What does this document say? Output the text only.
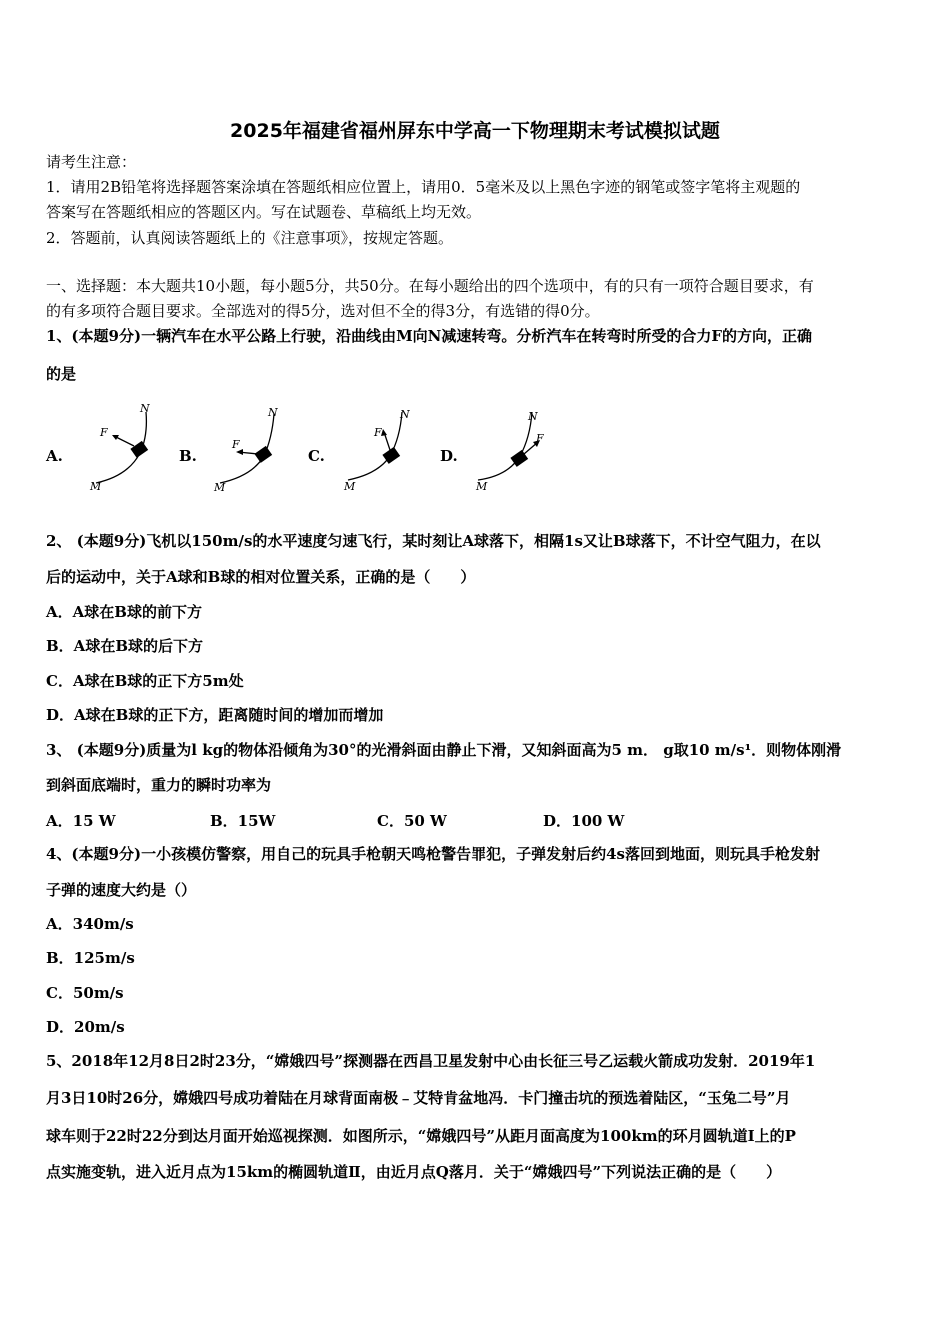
2025年福建省福州屏东中学高一下物理期末考试模拟试题
请考生注意：
1．请用2B铅笔将选择题答案涂填在答题纸相应位置上，请用0．5毫米及以上黑色字迹的钢笔或签字笔将主观题的
答案写在答题纸相应的答题区内。写在试题卷、草稿纸上均无效。
2．答题前，认真阅读答题纸上的《注意事项》，按规定答题。
一、选择题：本大题共10小题，每小题5分，共50分。在每小题给出的四个选项中，有的只有一项符合题目要求，有
的有多项符合题目要求。全部选对的得5分，选对但不全的得3分，有选错的得0分。
1、(本题9分)一辆汽车在水平公路上行驶，沿曲线由M向N减速转弯。分析汽车在转弯时所受的合力F的方向，正确
的是
A.
N
F
M
B.
N
F
M
C.
N
F
M
D.
N
F
M
2、 (本题9分)飞机以150m/s的水平速度匀速飞行，某时刻让A球落下，相隔1s又让B球落下，不计空气阻力，在以
后的运动中，关于A球和B球的相对位置关系，正确的是（　　）
A．A球在B球的前下方
B．A球在B球的后下方
C．A球在B球的正下方5m处
D．A球在B球的正下方，距离随时间的增加而增加
3、 (本题9分)质量为l kg的物体沿倾角为30°的光滑斜面由静止下滑，又知斜面高为5 m． g取10 m/s¹．则物体刚滑
到斜面底端时，重力的瞬时功率为
A．15 W	B．15W	C．50 W	D．100 W
4、(本题9分)一小孩模仿警察，用自己的玩具手枪朝天鸣枪警告罪犯，子弹发射后约4s落回到地面，则玩具手枪发射
子弹的速度大约是（）
A．340m/s
B．125m/s
C．50m/s
D．20m/s
5、2018年12月8日2时23分，“嫦娥四号”探测器在西昌卫星发射中心由长征三号乙运载火箭成功发射．2019年1
月3日10时26分，嫦娥四号成功着陆在月球背面南极﹣艾特肯盆地冯．卡门撞击坑的预选着陆区，“玉兔二号”月
球车则于22时22分到达月面开始巡视探测．如图所示，“嫦娥四号”从距月面高度为100km的环月圆轨道Ⅰ上的P
点实施变轨，进入近月点为15km的椭圆轨道Ⅱ，由近月点Q落月．关于“嫦娥四号”下列说法正确的是（　　）
